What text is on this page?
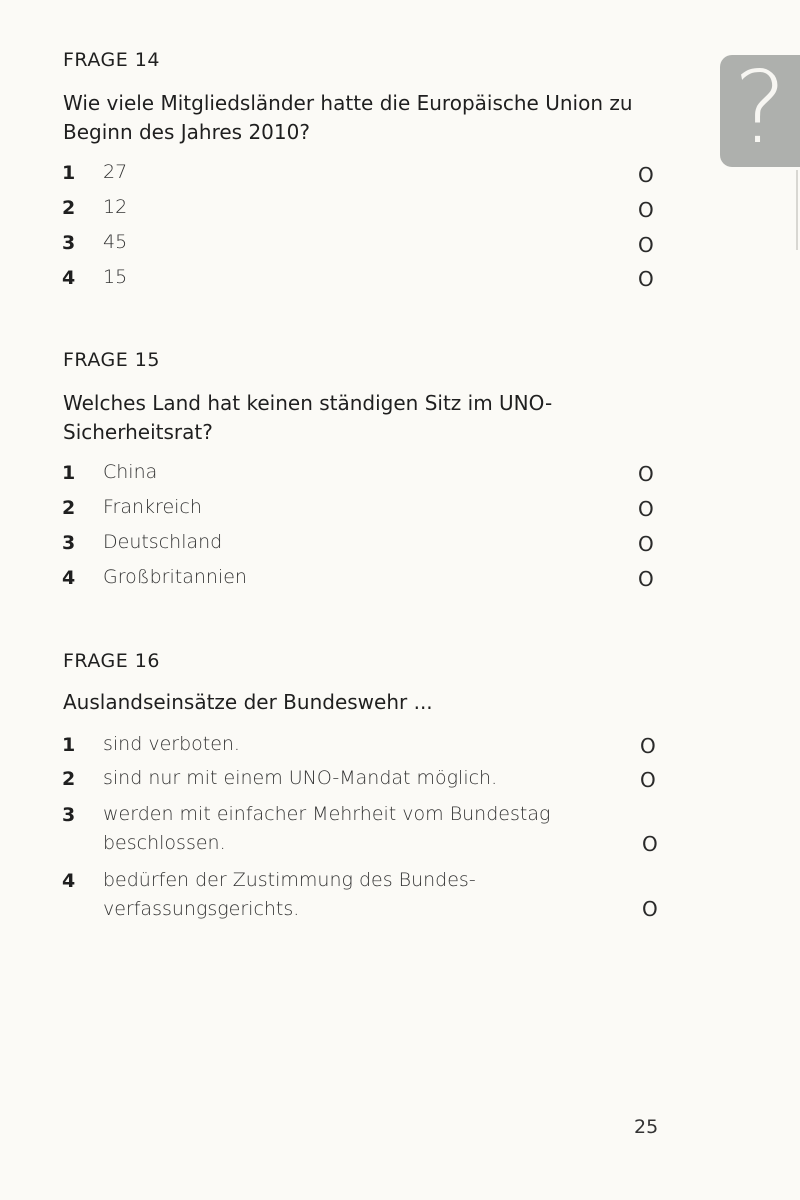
?
FRAGE 14
Wie viele Mitgliedsländer hatte die Europäische Union zu Beginn des Jahres 2010?
1 27	O
2 12	O
3 45	O
4 15	O
FRAGE 15
Welches Land hat keinen ständigen Sitz im UNO-Sicherheitsrat?
1 China	O
2 Frankreich	O
3 Deutschland	O
4 Großbritannien	O
FRAGE 16
Auslandseinsätze der Bundeswehr ...
1 sind verboten.	O
2 sind nur mit einem UNO-Mandat möglich.	O
3 werden mit einfacher Mehrheit vom Bundestag beschlossen.	O
4 bedürfen der Zustimmung des Bundes-verfassungsgerichts.	O
25
